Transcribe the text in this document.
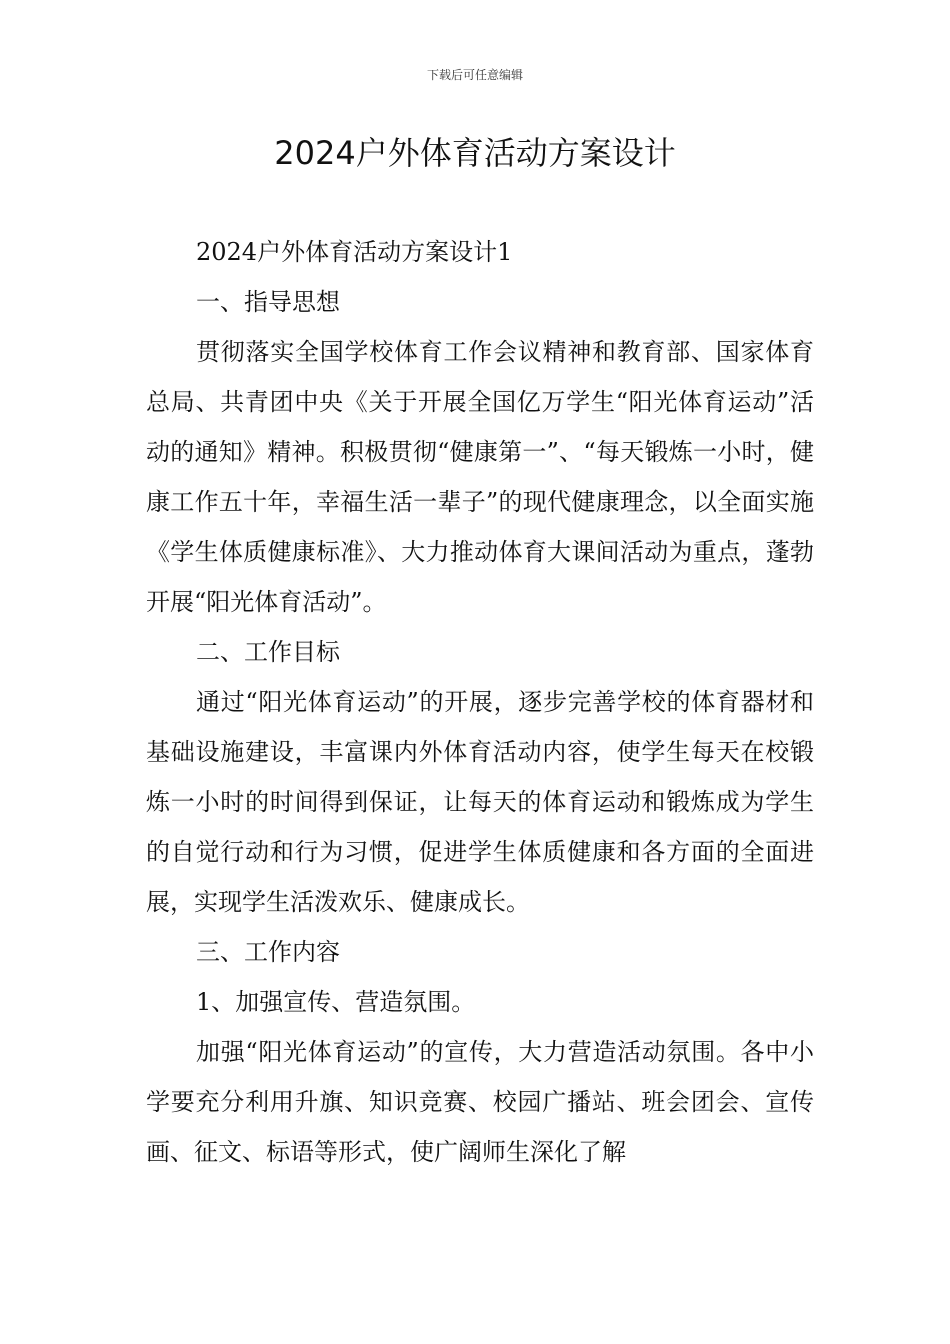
下载后可任意编辑
2024户外体育活动方案设计

2024户外体育活动方案设计1

一、指导思想

贯彻落实全国学校体育工作会议精神和教育部、国家体育总局、共青团中央《关于开展全国亿万学生“阳光体育运动”活动的通知》精神。积极贯彻“健康第一”、“每天锻炼一小时，健康工作五十年，幸福生活一辈子”的现代健康理念，以全面实施《学生体质健康标准》、大力推动体育大课间活动为重点，蓬勃开展“阳光体育活动”。

二、工作目标

通过“阳光体育运动”的开展，逐步完善学校的体育器材和基础设施建设，丰富课内外体育活动内容，使学生每天在校锻炼一小时的时间得到保证，让每天的体育运动和锻炼成为学生的自觉行动和行为习惯，促进学生体质健康和各方面的全面进展，实现学生活泼欢乐、健康成长。

三、工作内容

1、加强宣传、营造氛围。

加强“阳光体育运动”的宣传，大力营造活动氛围。各中小学要充分利用升旗、知识竞赛、校园广播站、班会团会、宣传画、征文、标语等形式，使广阔师生深化了解
